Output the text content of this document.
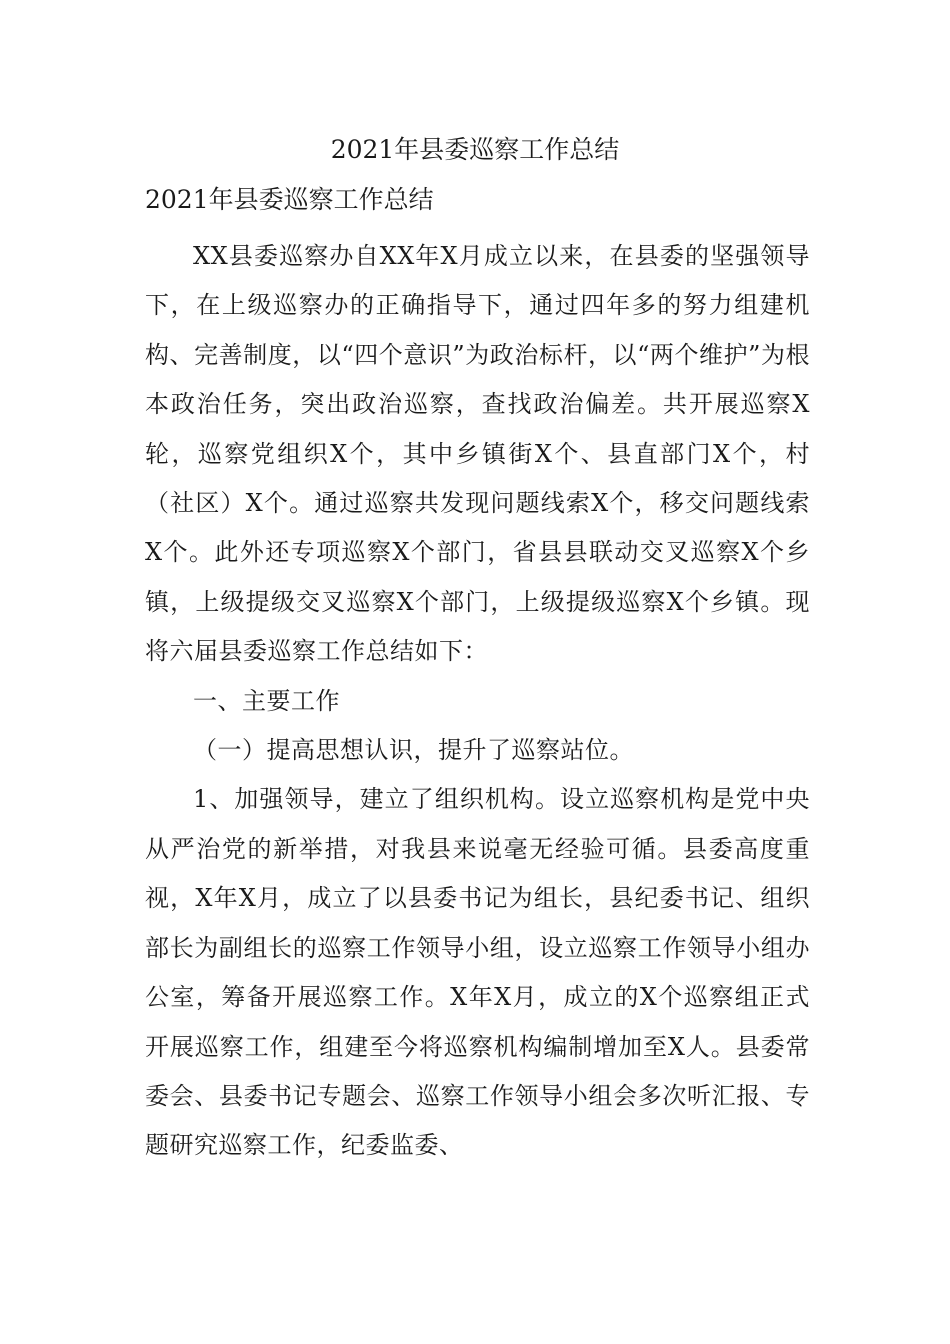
2021年县委巡察工作总结
2021年县委巡察工作总结

XX县委巡察办自XX年X月成立以来，在县委的坚强领导下，在上级巡察办的正确指导下，通过四年多的努力组建机构、完善制度，以“四个意识”为政治标杆，以“两个维护”为根本政治任务，突出政治巡察，查找政治偏差。共开展巡察X轮，巡察党组织X个，其中乡镇街X个、县直部门X个，村（社区）X个。通过巡察共发现问题线索X个，移交问题线索X个。此外还专项巡察X个部门，省县县联动交叉巡察X个乡镇，上级提级交叉巡察X个部门，上级提级巡察X个乡镇。现将六届县委巡察工作总结如下：

一、主要工作

（一）提高思想认识，提升了巡察站位。

1、加强领导，建立了组织机构。设立巡察机构是党中央从严治党的新举措，对我县来说毫无经验可循。县委高度重视，X年X月，成立了以县委书记为组长，县纪委书记、组织部长为副组长的巡察工作领导小组，设立巡察工作领导小组办公室，筹备开展巡察工作。X年X月，成立的X个巡察组正式开展巡察工作，组建至今将巡察机构编制增加至X人。县委常委会、县委书记专题会、巡察工作领导小组会多次听汇报、专题研究巡察工作，纪委监委、
